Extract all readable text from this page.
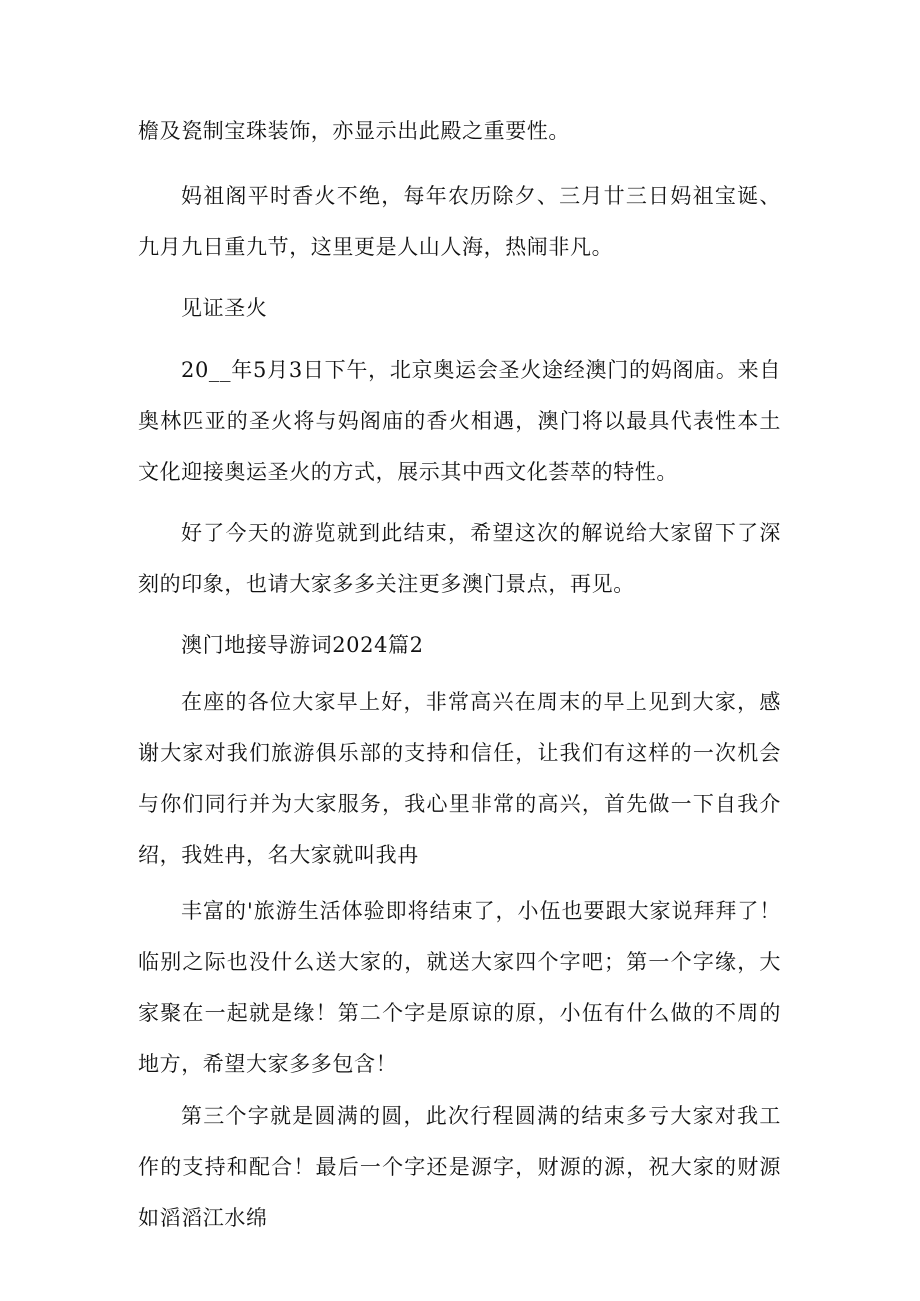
檐及瓷制宝珠装饰，亦显示出此殿之重要性。

妈祖阁平时香火不绝，每年农历除夕、三月廿三日妈祖宝诞、九月九日重九节，这里更是人山人海，热闹非凡。

见证圣火

20__年5月3日下午，北京奥运会圣火途经澳门的妈阁庙。来自奥林匹亚的圣火将与妈阁庙的香火相遇，澳门将以最具代表性本土文化迎接奥运圣火的方式，展示其中西文化荟萃的特性。

好了今天的游览就到此结束，希望这次的解说给大家留下了深刻的印象，也请大家多多关注更多澳门景点，再见。

澳门地接导游词2024篇2

在座的各位大家早上好，非常高兴在周末的早上见到大家，感谢大家对我们旅游俱乐部的支持和信任，让我们有这样的一次机会与你们同行并为大家服务，我心里非常的高兴，首先做一下自我介绍，我姓冉，名大家就叫我冉

丰富的'旅游生活体验即将结束了，小伍也要跟大家说拜拜了！临别之际也没什么送大家的，就送大家四个字吧；第一个字缘，大家聚在一起就是缘！第二个字是原谅的原，小伍有什么做的不周的地方，希望大家多多包含！

第三个字就是圆满的圆，此次行程圆满的结束多亏大家对我工作的支持和配合！最后一个字还是源字，财源的源，祝大家的财源如滔滔江水绵
